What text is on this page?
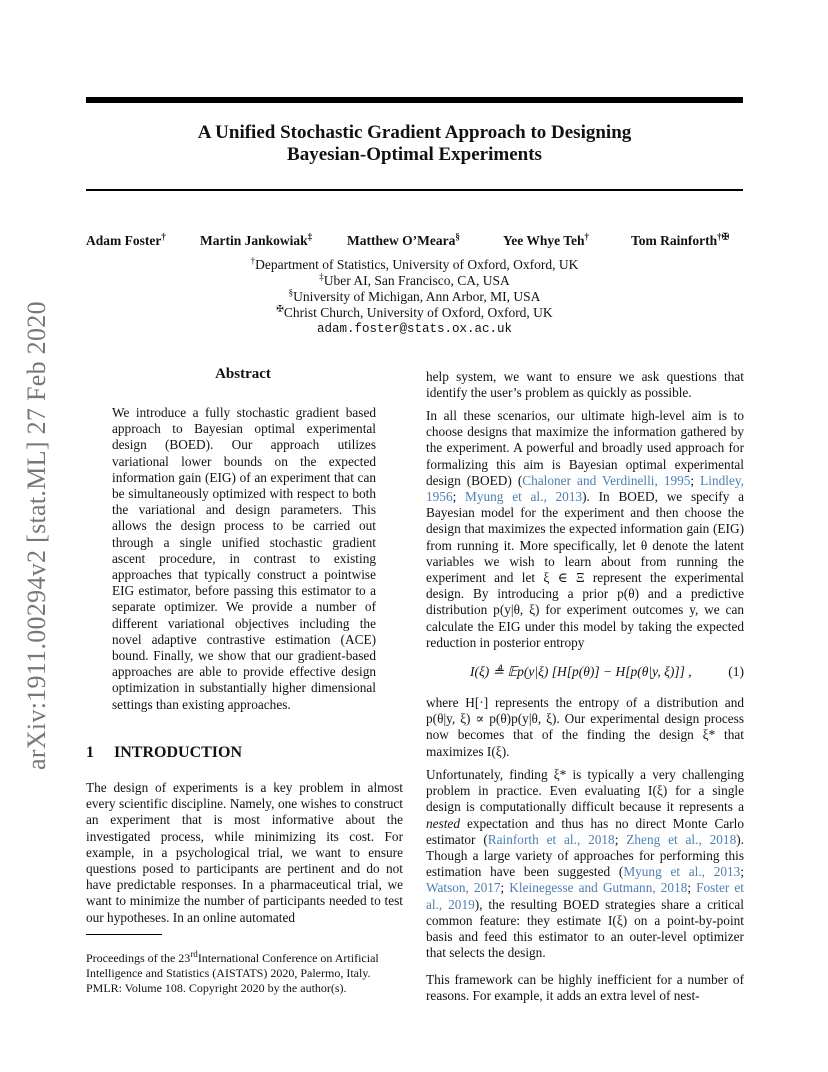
arXiv:1911.00294v2 [stat.ML] 27 Feb 2020
A Unified Stochastic Gradient Approach to Designing
Bayesian-Optimal Experiments
Adam Foster†	Martin Jankowiak‡	Matthew O’Meara§	Yee Whye Teh†	Tom Rainforth†✠
†Department of Statistics, University of Oxford, Oxford, UK
‡Uber AI, San Francisco, CA, USA
§University of Michigan, Ann Arbor, MI, USA
✠Christ Church, University of Oxford, Oxford, UK
adam.foster@stats.ox.ac.uk
Abstract

We introduce a fully stochastic gradient based approach to Bayesian optimal experimental design (BOED). Our approach utilizes variational lower bounds on the expected information gain (EIG) of an experiment that can be simultaneously optimized with respect to both the variational and design parameters. This allows the design process to be carried out through a single unified stochastic gradient ascent procedure, in contrast to existing approaches that typically construct a pointwise EIG estimator, before passing this estimator to a separate optimizer. We provide a number of different variational objectives including the novel adaptive contrastive estimation (ACE) bound. Finally, we show that our gradient-based approaches are able to provide effective design optimization in substantially higher dimensional settings than existing approaches.

1 INTRODUCTION

The design of experiments is a key problem in almost every scientific discipline. Namely, one wishes to construct an experiment that is most informative about the investigated process, while minimizing its cost. For example, in a psychological trial, we want to ensure questions posed to participants are pertinent and do not have predictable responses. In a pharmaceutical trial, we want to minimize the number of participants needed to test our hypotheses. In an online automated

Proceedings of the 23rdInternational Conference on Artificial Intelligence and Statistics (AISTATS) 2020, Palermo, Italy. PMLR: Volume 108. Copyright 2020 by the author(s).

help system, we want to ensure we ask questions that identify the user’s problem as quickly as possible.

In all these scenarios, our ultimate high-level aim is to choose designs that maximize the information gathered by the experiment. A powerful and broadly used approach for formalizing this aim is Bayesian optimal experimental design (BOED) (Chaloner and Verdinelli, 1995; Lindley, 1956; Myung et al., 2013). In BOED, we specify a Bayesian model for the experiment and then choose the design that maximizes the expected information gain (EIG) from running it. More specifically, let θ denote the latent variables we wish to learn about from running the experiment and let ξ ∈ Ξ represent the experimental design. By introducing a prior p(θ) and a predictive distribution p(y|θ, ξ) for experiment outcomes y, we can calculate the EIG under this model by taking the expected reduction in posterior entropy

I(ξ) ≜ 𝔼p(y|ξ) [H[p(θ)] − H[p(θ|y, ξ)]] ,	(1)

where H[·] represents the entropy of a distribution and p(θ|y, ξ) ∝ p(θ)p(y|θ, ξ). Our experimental design process now becomes that of the finding the design ξ* that maximizes I(ξ).

Unfortunately, finding ξ* is typically a very challenging problem in practice. Even evaluating I(ξ) for a single design is computationally difficult because it represents a nested expectation and thus has no direct Monte Carlo estimator (Rainforth et al., 2018; Zheng et al., 2018). Though a large variety of approaches for performing this estimation have been suggested (Myung et al., 2013; Watson, 2017; Kleinegesse and Gutmann, 2018; Foster et al., 2019), the resulting BOED strategies share a critical common feature: they estimate I(ξ) on a point-by-point basis and feed this estimator to an outer-level optimizer that selects the design.

This framework can be highly inefficient for a number of reasons. For example, it adds an extra level of nest-
